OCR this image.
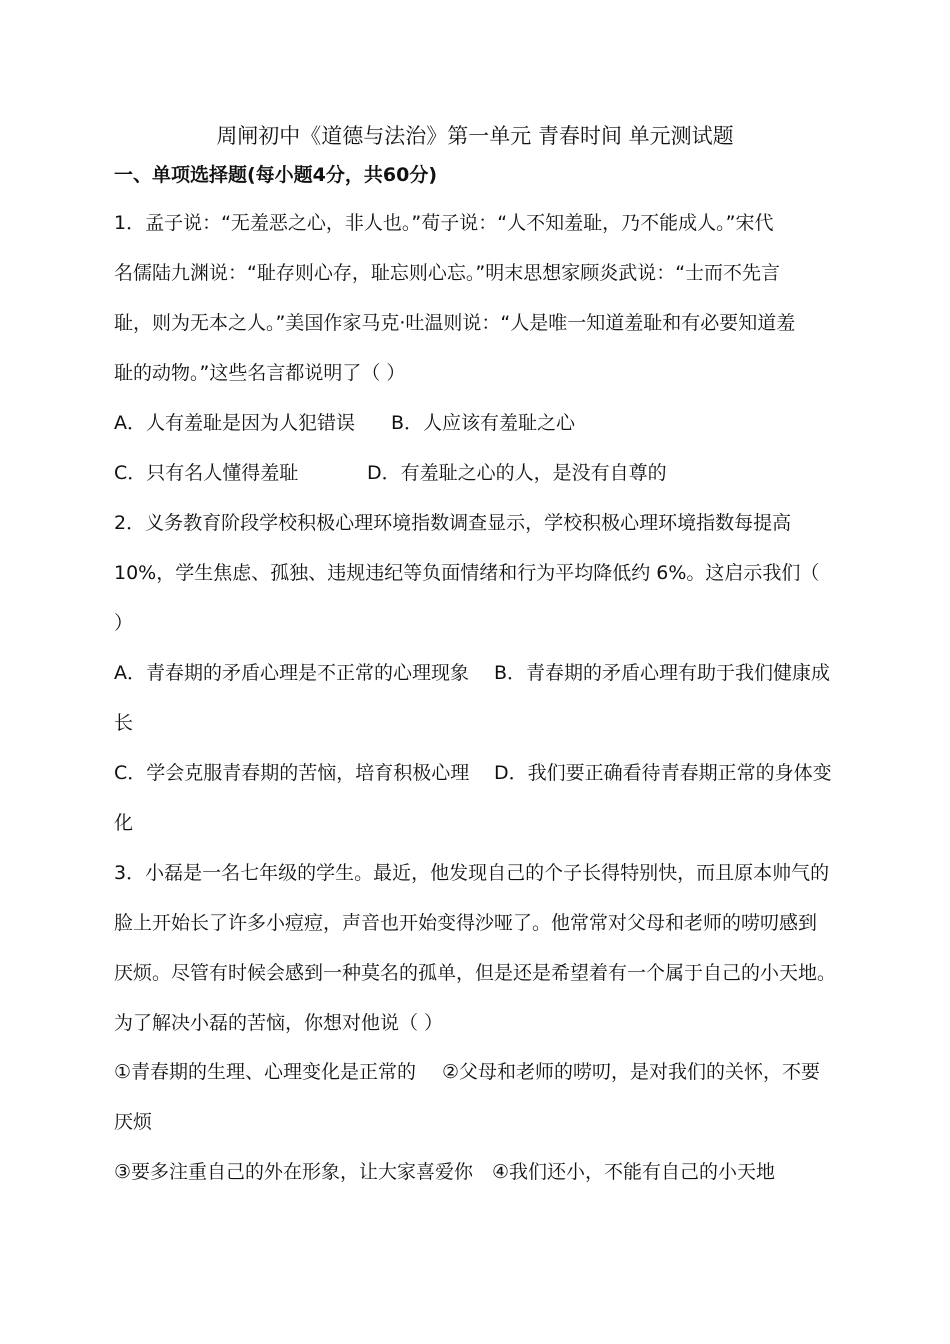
周闸初中《道德与法治》第一单元 青春时间 单元测试题
一、单项选择题(每小题4分，共60分)
1．孟子说：“无羞恶之心，非人也。”荀子说：“人不知羞耻，乃不能成人。”宋代
名儒陆九渊说：“耻存则心存，耻忘则心忘。”明末思想家顾炎武说：“士而不先言
耻，则为无本之人。”美国作家马克·吐温则说：“人是唯一知道羞耻和有必要知道羞
耻的动物。”这些名言都说明了（ ）
A．人有羞耻是因为人犯错误 B．人应该有羞耻之心
C．只有名人懂得羞耻	D．有羞耻之心的人，是没有自尊的
2．义务教育阶段学校积极心理环境指数调查显示，学校积极心理环境指数每提高
10%，学生焦虑、孤独、违规违纪等负面情绪和行为平均降低约 6%。这启示我们（
）
A．青春期的矛盾心理是不正常的心理现象 B．青春期的矛盾心理有助于我们健康成
长
C．学会克服青春期的苦恼，培育积极心理 D．我们要正确看待青春期正常的身体变
化
3．小磊是一名七年级的学生。最近，他发现自己的个子长得特别快，而且原本帅气的
脸上开始长了许多小痘痘，声音也开始变得沙哑了。他常常对父母和老师的唠叨感到
厌烦。尽管有时候会感到一种莫名的孤单，但是还是希望着有一个属于自己的小天地。
为了解决小磊的苦恼，你想对他说（ ）
①青春期的生理、心理变化是正常的 ②父母和老师的唠叨，是对我们的关怀，不要
厌烦
③要多注重自己的外在形象，让大家喜爱你 ④我们还小，不能有自己的小天地
